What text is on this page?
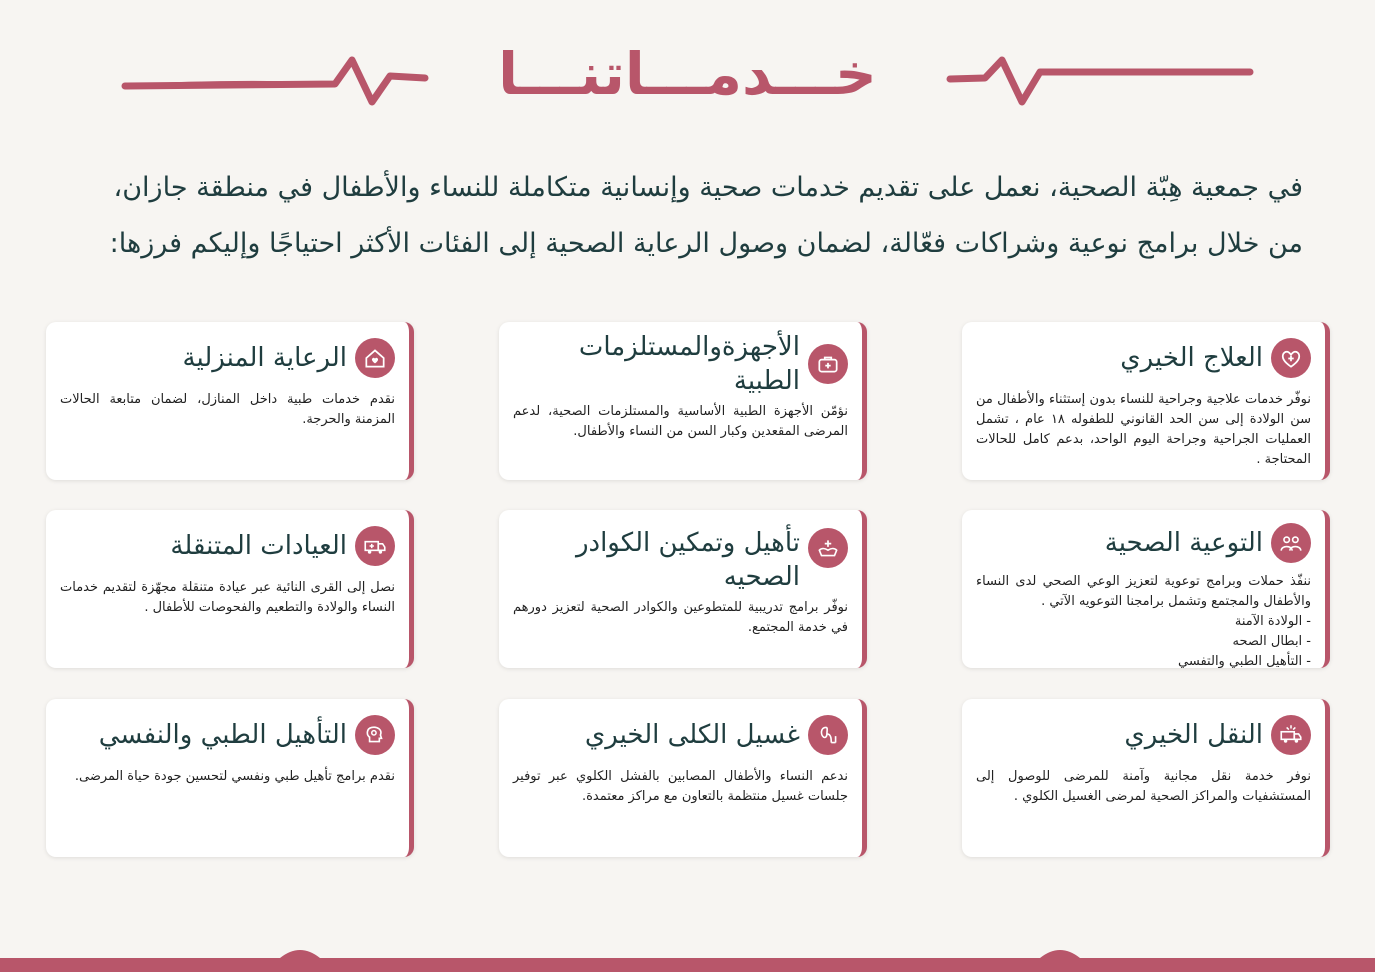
خـــدمـــاتنـــا

في جمعية هِبّة الصحية، نعمل على تقديم خدمات صحية وإنسانية متكاملة للنساء والأطفال في منطقة جازان، من خلال برامج نوعية وشراكات فعّالة، لضمان وصول الرعاية الصحية إلى الفئات الأكثر احتياجًا وإليكم فرزها:

العلاج الخيري

نوفّر خدمات علاجية وجراحية للنساء بدون إستثناء والأطفال من سن الولادة إلى سن الحد القانوني للطفوله ١٨ عام ، تشمل العمليات الجراحية وجراحة اليوم الواحد، بدعم كامل للحالات المحتاجة .

الأجهزةوالمستلزمات الطبية

نؤمّن الأجهزة الطبية الأساسية والمستلزمات الصحية، لدعم المرضى المقعدين وكبار السن من النساء والأطفال.

الرعاية المنزلية

نقدم خدمات طبية داخل المنازل، لضمان متابعة الحالات المزمنة والحرجة.

التوعية الصحية

ننفّذ حملات وبرامج توعوية لتعزيز الوعي الصحي لدى النساء والأطفال والمجتمع وتشمل برامجنا التوعويه الآتي .
- الولادة الآمنة
- ابطال الصحه
- التأهيل الطبي والتفسي

تأهيل وتمكين الكوادر الصحيه

نوفّر برامج تدريبية للمتطوعين والكوادر الصحية لتعزيز دورهم في خدمة المجتمع.

العيادات المتنقلة

نصل إلى القرى النائية عبر عيادة متنقلة مجهّزة لتقديم خدمات النساء والولادة والتطعيم والفحوصات للأطفال .

النقل الخيري

نوفر خدمة نقل مجانية وآمنة للمرضى للوصول إلى المستشفيات والمراكز الصحية لمرضى الغسيل الكلوي .

غسيل الكلى الخيري

ندعم النساء والأطفال المصابين بالفشل الكلوي عبر توفير جلسات غسيل منتظمة بالتعاون مع مراكز معتمدة.

التأهيل الطبي والنفسي

نقدم برامج تأهيل طبي ونفسي لتحسين جودة حياة المرضى.
